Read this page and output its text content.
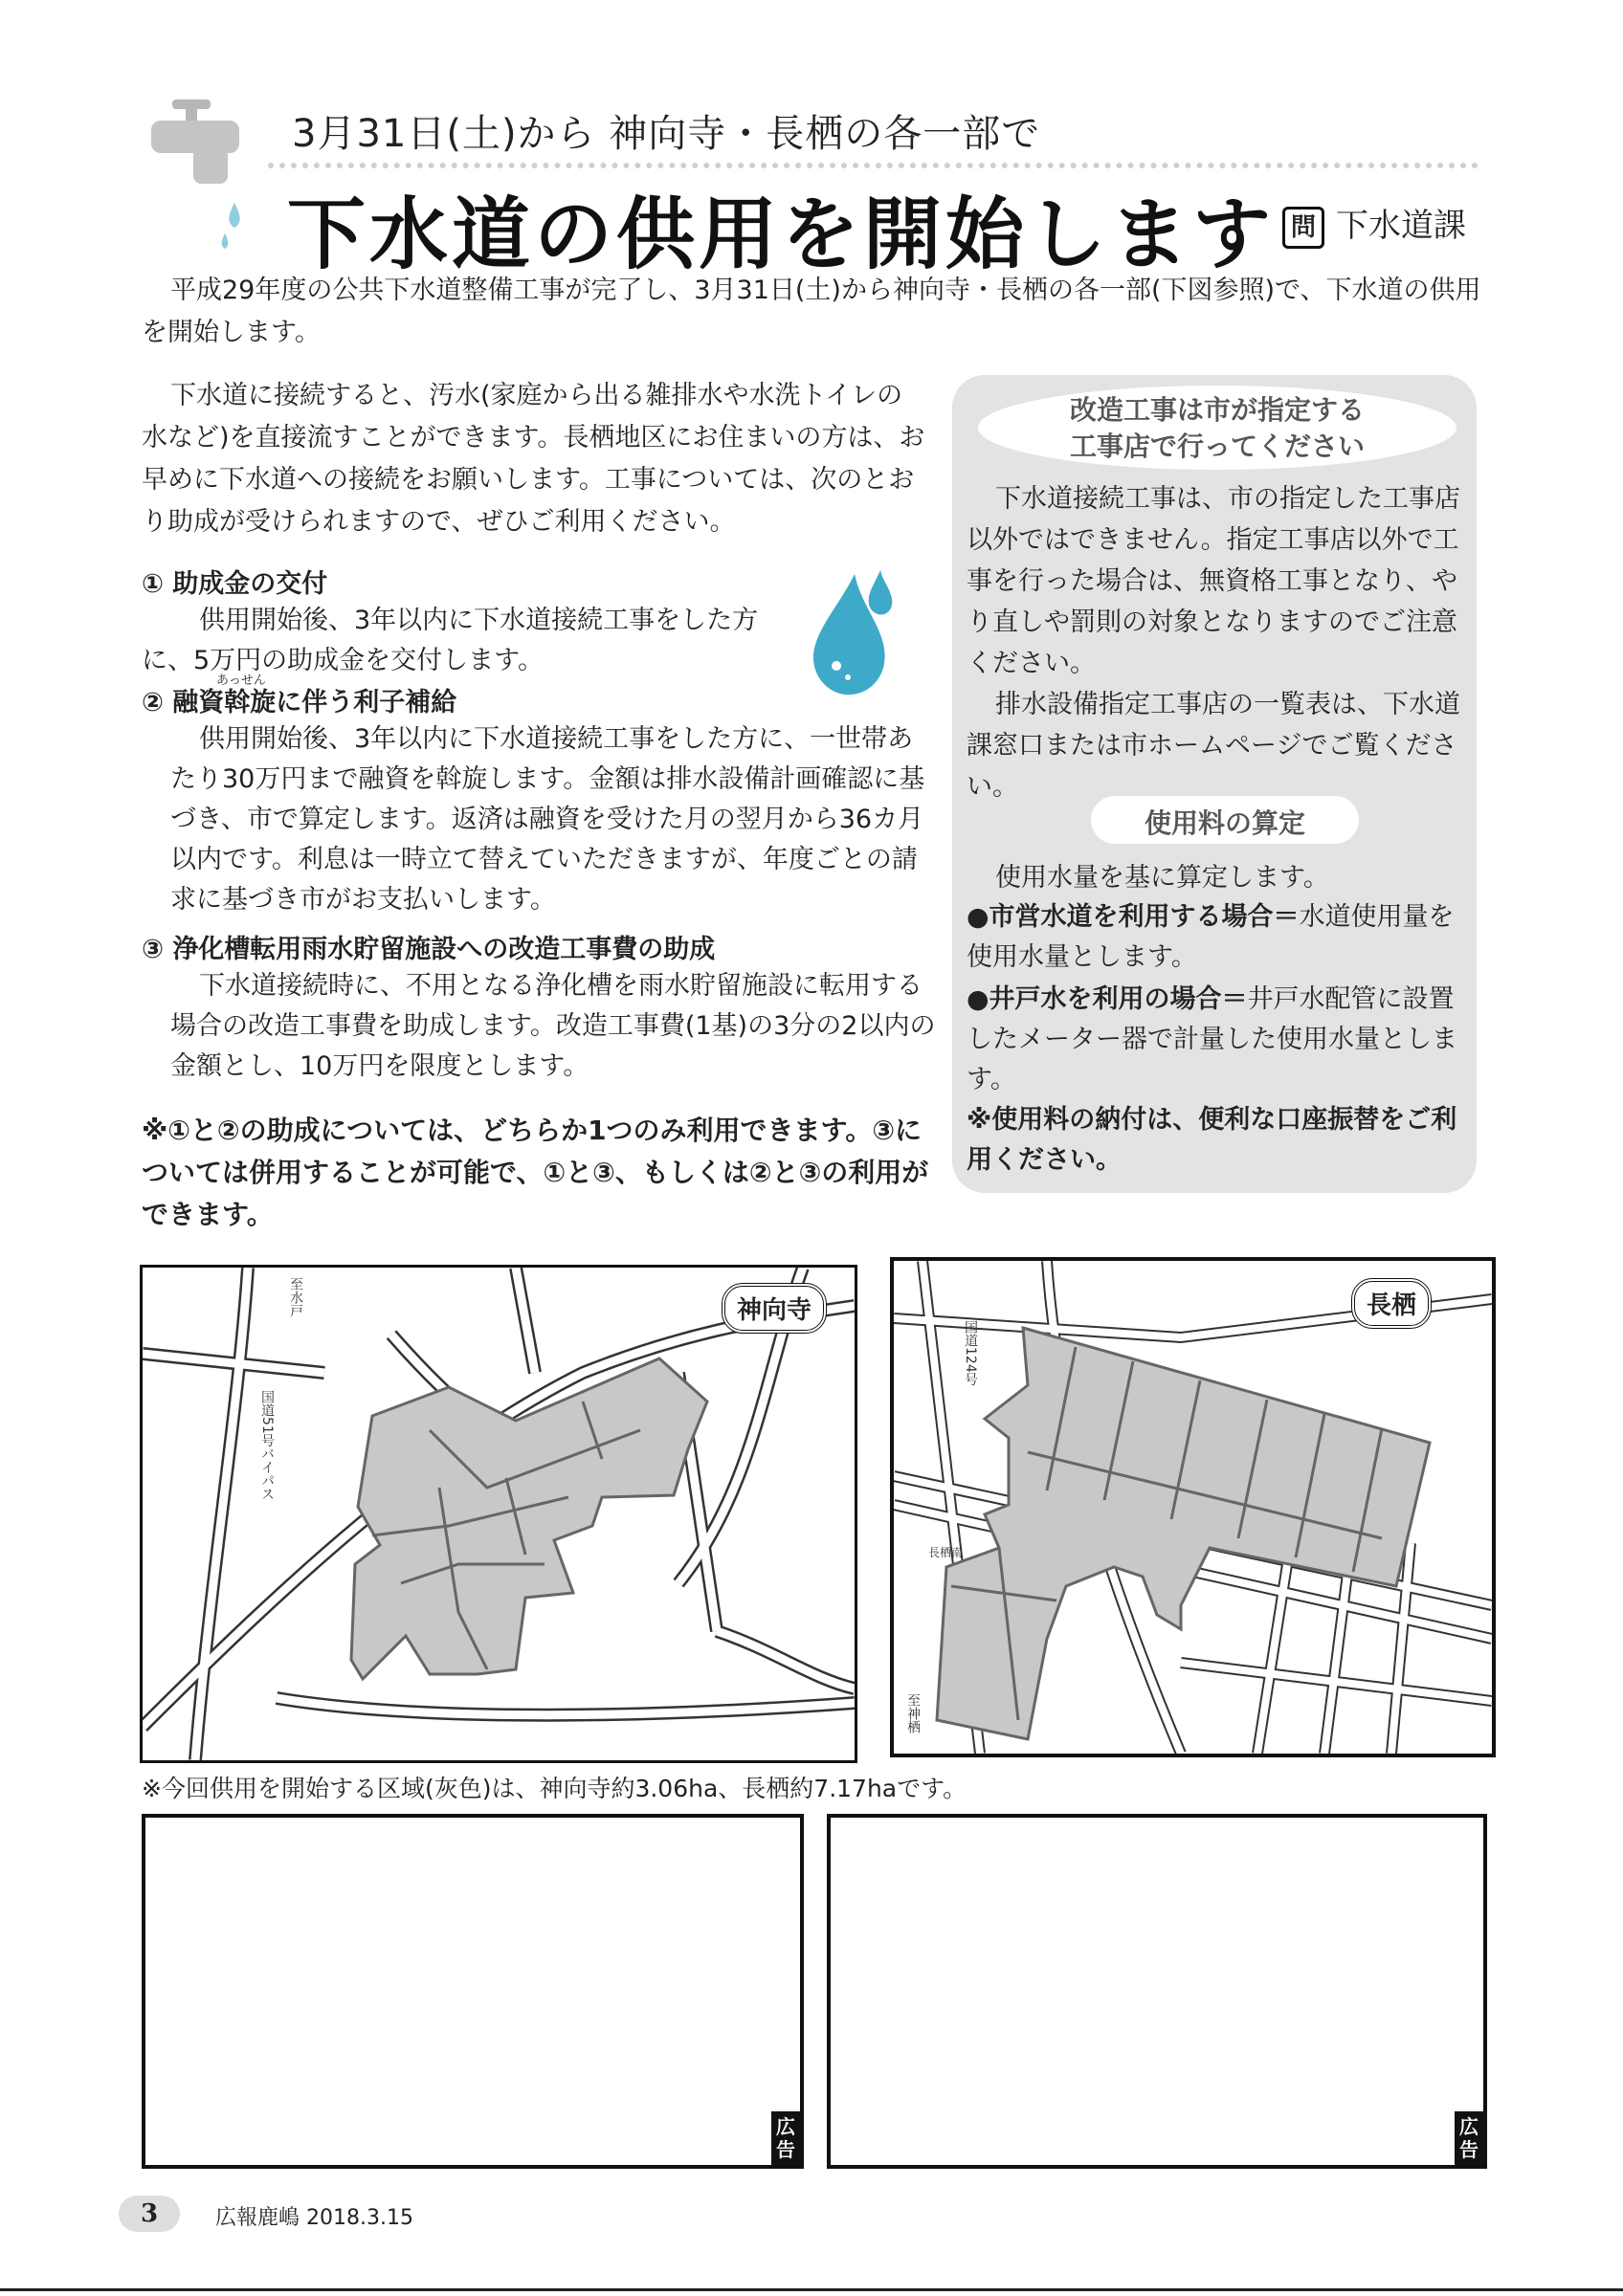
3月31日(土)から 神向寺・長栖の各一部で
下水道の供用を開始します 問 下水道課
平成29年度の公共下水道整備工事が完了し、3月31日(土)から神向寺・長栖の各一部(下図参照)で、下水道の供用を開始します。
下水道に接続すると、汚水(家庭から出る雑排水や水洗トイレの水など)を直接流すことができます。長栖地区にお住まいの方は、お早めに下水道への接続をお願いします。工事については、次のとおり助成が受けられますので、ぜひご利用ください。
① 助成金の交付
供用開始後、3年以内に下水道接続工事をした方に、5万円の助成金を交付します。
あっせん
② 融資斡旋に伴う利子補給
供用開始後、3年以内に下水道接続工事をした方に、一世帯あたり30万円まで融資を斡旋します。金額は排水設備計画確認に基づき、市で算定します。返済は融資を受けた月の翌月から36カ月以内です。利息は一時立て替えていただきますが、年度ごとの請求に基づき市がお支払いします。
③ 浄化槽転用雨水貯留施設への改造工事費の助成
下水道接続時に、不用となる浄化槽を雨水貯留施設に転用する場合の改造工事費を助成します。改造工事費(1基)の3分の2以内の金額とし、10万円を限度とします。
※①と②の助成については、どちらか1つのみ利用できます。③については併用することが可能で、①と③、もしくは②と③の利用ができます。
改造工事は市が指定する
工事店で行ってください
下水道接続工事は、市の指定した工事店以外ではできません。指定工事店以外で工事を行った場合は、無資格工事となり、やり直しや罰則の対象となりますのでご注意ください。
排水設備指定工事店の一覧表は、下水道課窓口または市ホームページでご覧ください。
使用料の算定
使用水量を基に算定します。
●市営水道を利用する場合＝水道使用量を使用水量とします。
●井戸水を利用の場合＝井戸水配管に設置したメーター器で計量した使用水量とします。
※使用料の納付は、便利な口座振替をご利用ください。
神向寺
至水戸
国道51号バイパス
長栖
国道124号
長栖南
至神栖
※今回供用を開始する区域(灰色)は、神向寺約3.06ha、長栖約7.17haです。
広告
広告
3	広報鹿嶋 2018.3.15
